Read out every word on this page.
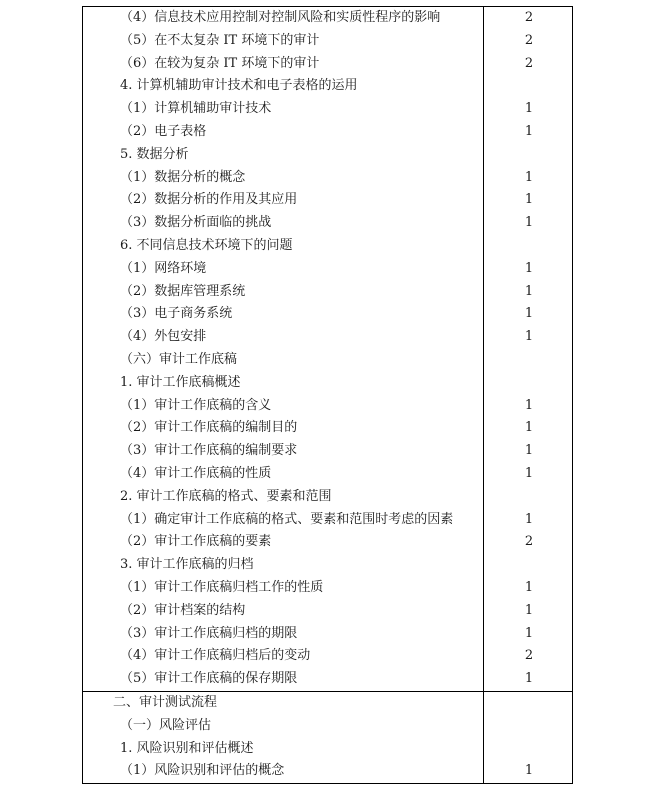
（4）信息技术应用控制对控制风险和实质性程序的影响
（5）在不太复杂 IT 环境下的审计
（6）在较为复杂 IT 环境下的审计
4. 计算机辅助审计技术和电子表格的运用
（1）计算机辅助审计技术
（2）电子表格
5. 数据分析
（1）数据分析的概念
（2）数据分析的作用及其应用
（3）数据分析面临的挑战
6. 不同信息技术环境下的问题
（1）网络环境
（2）数据库管理系统
（3）电子商务系统
（4）外包安排
（六）审计工作底稿
1. 审计工作底稿概述
（1）审计工作底稿的含义
（2）审计工作底稿的编制目的
（3）审计工作底稿的编制要求
（4）审计工作底稿的性质
2. 审计工作底稿的格式、要素和范围
（1）确定审计工作底稿的格式、要素和范围时考虑的因素
（2）审计工作底稿的要素
3. 审计工作底稿的归档
（1）审计工作底稿归档工作的性质
（2）审计档案的结构
（3）审计工作底稿归档的期限
（4）审计工作底稿归档后的变动
（5）审计工作底稿的保存期限
2
2
2
1
1
1
1
1
1
1
1
1
1
1
1
1
1
2
1
1
1
2
1
二、审计测试流程
（一）风险评估
1. 风险识别和评估概述
（1）风险识别和评估的概念	1
